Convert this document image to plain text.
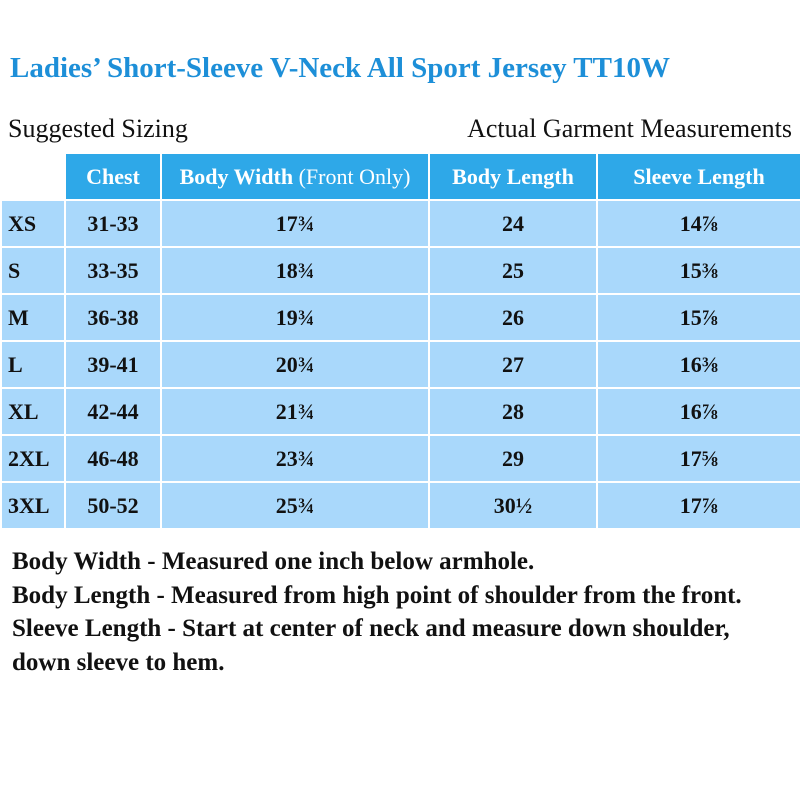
Ladies’ Short-Sleeve V-Neck All Sport Jersey TT10W
Suggested Sizing	Actual Garment Measurements
	Chest	Body Width (Front Only)	Body Length	Sleeve Length
XS	31-33	17¾	24	14⅞
S	33-35	18¾	25	15⅜
M	36-38	19¾	26	15⅞
L	39-41	20¾	27	16⅜
XL	42-44	21¾	28	16⅞
2XL	46-48	23¾	29	17⅝
3XL	50-52	25¾	30½	17⅞

Body Width - Measured one inch below armhole.

Body Length - Measured from high point of shoulder from the front.

Sleeve Length - Start at center of neck and measure down shoulder, down sleeve to hem.
